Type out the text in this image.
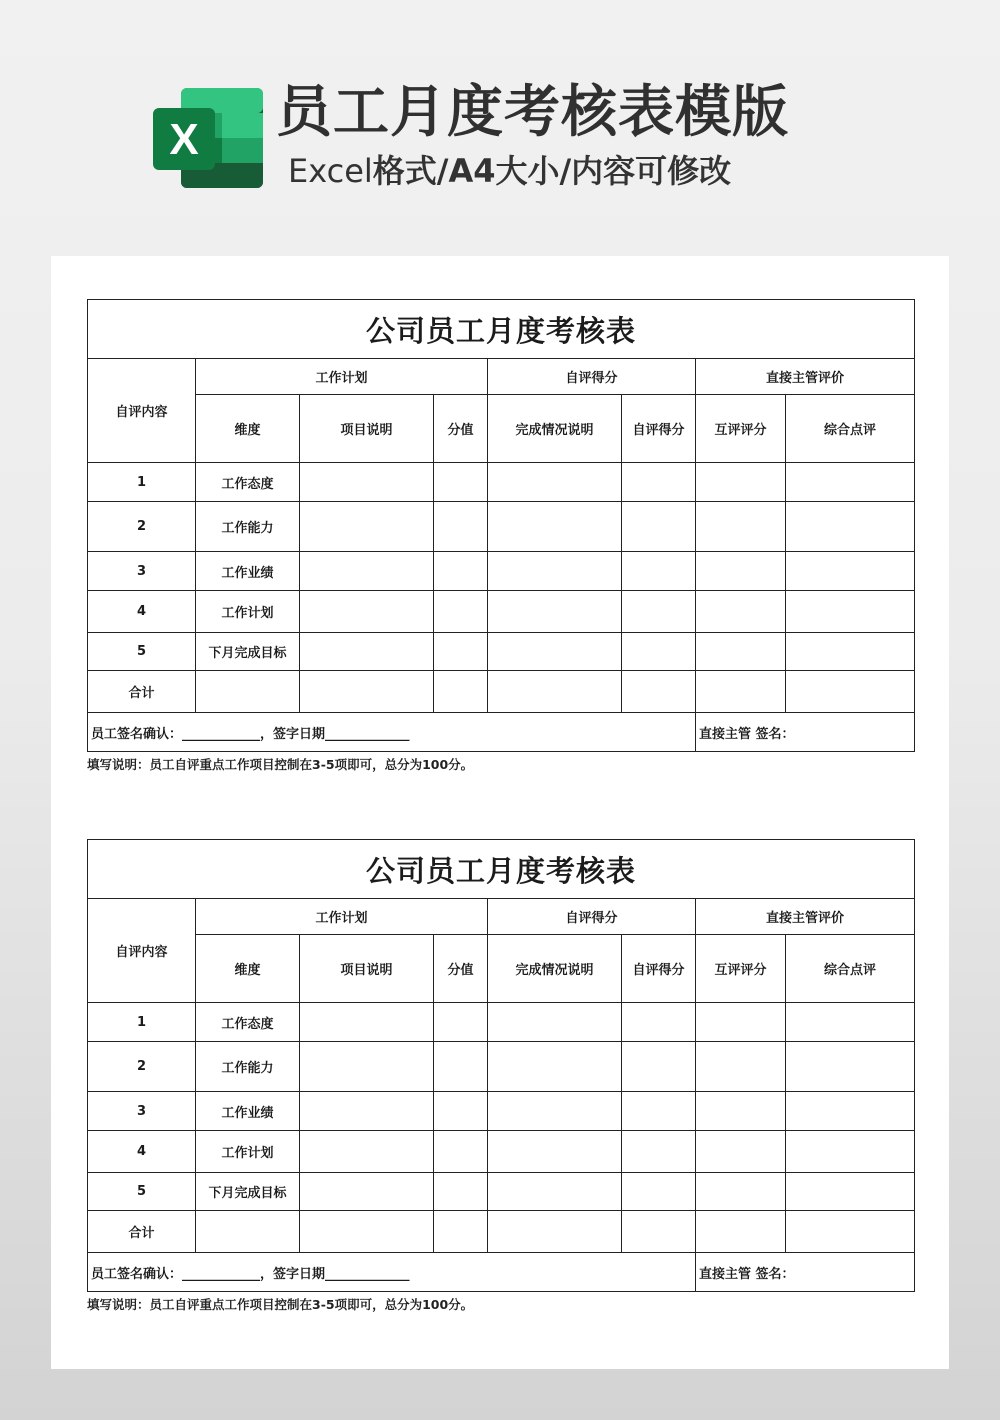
X 员工月度考核表模版
Excel格式/A4大小/内容可修改
公司员工月度考核表							
自评内容	工作计划			自评得分		直接主管评价	
	维度	项目说明	分值	完成情况说明	自评得分	互评评分	综合点评
1	工作态度						
2	工作能力						
3	工作业绩						
4	工作计划						
5	下月完成目标						
合计							
员工签名确认：____________，签字日期_____________						直接主管 签名：	
填写说明：员工自评重点工作项目控制在3-5项即可，总分为100分。
公司员工月度考核表							
自评内容	工作计划			自评得分		直接主管评价	
	维度	项目说明	分值	完成情况说明	自评得分	互评评分	综合点评
1	工作态度						
2	工作能力						
3	工作业绩						
4	工作计划						
5	下月完成目标						
合计							
员工签名确认：____________，签字日期_____________						直接主管 签名：	
填写说明：员工自评重点工作项目控制在3-5项即可，总分为100分。
